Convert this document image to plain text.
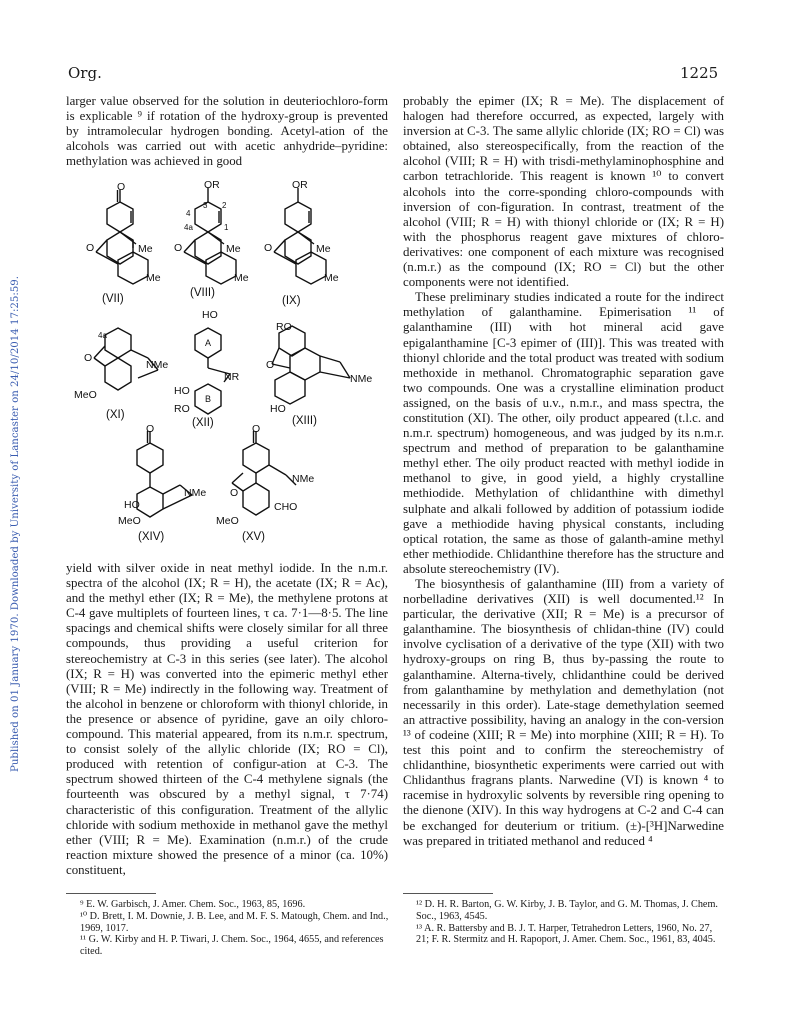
Org.	1225
Published on 01 January 1970. Downloaded by University of Lancaster on 24/10/2014 17:25:59.

larger value observed for the solution in deuteriochloro-form is explicable ⁹ if rotation of the hydroxy-group is prevented by intramolecular hydrogen bonding. Acetyl-ation of the alcohols was carried out with acetic anhydride–pyridine: methylation was achieved in good

O
Me
O
Me
OR
3 2
1
4
4a
Me
O
Me
OR
Me
O
Me
(VII)	(VIII)
(IX)
4a
O
NMe
MeO
(XI)
HO
A
NR
HO
B
RO
(XII)
RO
O
NMe
HO
(XIII)
O
NMe
HO
MeO
(XIV)
O
NMe
O
CHO
MeO
(XV)

yield with silver oxide in neat methyl iodide. In the n.m.r. spectra of the alcohol (IX; R = H), the acetate (IX; R = Ac), and the methyl ether (IX; R = Me), the methylene protons at C-4 gave multiplets of fourteen lines, τ ca. 7·1—8·5. The line spacings and chemical shifts were closely similar for all three compounds, thus providing a useful criterion for stereochemistry at C-3 in this series (see later). The alcohol (IX; R = H) was converted into the epimeric methyl ether (VIII; R = Me) indirectly in the following way. Treatment of the alcohol in benzene or chloroform with thionyl chloride, in the presence or absence of pyridine, gave an oily chloro-compound. This material appeared, from its n.m.r. spectrum, to consist solely of the allylic chloride (IX; RO = Cl), produced with retention of configur-ation at C-3. The spectrum showed thirteen of the C-4 methylene signals (the fourteenth was obscured by a methyl signal, τ 7·74) characteristic of this configuration. Treatment of the allylic chloride with sodium methoxide in methanol gave the methyl ether (VIII; R = Me). Examination (n.m.r.) of the crude reaction mixture showed the presence of a minor (ca. 10%) constituent,

probably the epimer (IX; R = Me). The displacement of halogen had therefore occurred, as expected, largely with inversion at C-3. The same allylic chloride (IX; RO = Cl) was obtained, also stereospecifically, from the reaction of the alcohol (VIII; R = H) with trisdi-methylaminophosphine and carbon tetrachloride. This reagent is known ¹⁰ to convert alcohols into the corre-sponding chloro-compounds with inversion of con-figuration. In contrast, treatment of the alcohol (VIII; R = H) with thionyl chloride or (IX; R = H) with the phosphorus reagent gave mixtures of chloro-derivatives: one component of each mixture was recognised (n.m.r.) as the compound (IX; RO = Cl) but the other components were not identified.

These preliminary studies indicated a route for the indirect methylation of galanthamine. Epimerisation ¹¹ of galanthamine (III) with hot mineral acid gave epigalanthamine [C-3 epimer of (III)]. This was treated with thionyl chloride and the total product was treated with sodium methoxide in methanol. Chromatographic separation gave two compounds. One was a crystalline elimination product assigned, on the basis of u.v., n.m.r., and mass spectra, the constitution (XI). The other, oily product appeared (t.l.c. and n.m.r. spectrum) homogeneous, and was judged by its n.m.r. spectrum and method of preparation to be galanthamine methyl ether. The oily product reacted with methyl iodide in methanol to give, in good yield, a highly crystalline methiodide. Methylation of chlidanthine with dimethyl sulphate and alkali followed by addition of potassium iodide gave a methiodide having physical constants, including optical rotation, the same as those of galanth-amine methyl ether methiodide. Chlidanthine therefore has the structure and absolute stereochemistry (IV).

The biosynthesis of galanthamine (III) from a variety of norbelladine derivatives (XII) is well documented.¹² In particular, the derivative (XII; R = Me) is a precursor of galanthamine. The biosynthesis of chlidan-thine (IV) could involve cyclisation of a derivative of the type (XII) with two hydroxy-groups on ring B, thus by-passing the route to galanthamine. Alterna-tively, chlidanthine could be derived from galanthamine by methylation and demethylation (not necessarily in this order). Late-stage demethylation seemed an attractive possibility, having an analogy in the con-version ¹³ of codeine (XIII; R = Me) into morphine (XIII; R = H). To test this point and to confirm the stereochemistry of chlidanthine, biosynthetic experiments were carried out with Chlidanthus fragrans plants. Narwedine (VI) is known ⁴ to racemise in hydroxylic solvents by reversible ring opening to the dienone (XIV). In this way hydrogens at C-2 and C-4 can be exchanged for deuterium or tritium. (±)-[³H]Narwedine was prepared in tritiated methanol and reduced ⁴

⁹ E. W. Garbisch, J. Amer. Chem. Soc., 1963, 85, 1696.

¹⁰ D. Brett, I. M. Downie, J. B. Lee, and M. F. S. Matough, Chem. and Ind., 1969, 1017.

¹¹ G. W. Kirby and H. P. Tiwari, J. Chem. Soc., 1964, 4655, and references cited.

¹² D. H. R. Barton, G. W. Kirby, J. B. Taylor, and G. M. Thomas, J. Chem. Soc., 1963, 4545.

¹³ A. R. Battersby and B. J. T. Harper, Tetrahedron Letters, 1960, No. 27, 21; F. R. Stermitz and H. Rapoport, J. Amer. Chem. Soc., 1961, 83, 4045.
